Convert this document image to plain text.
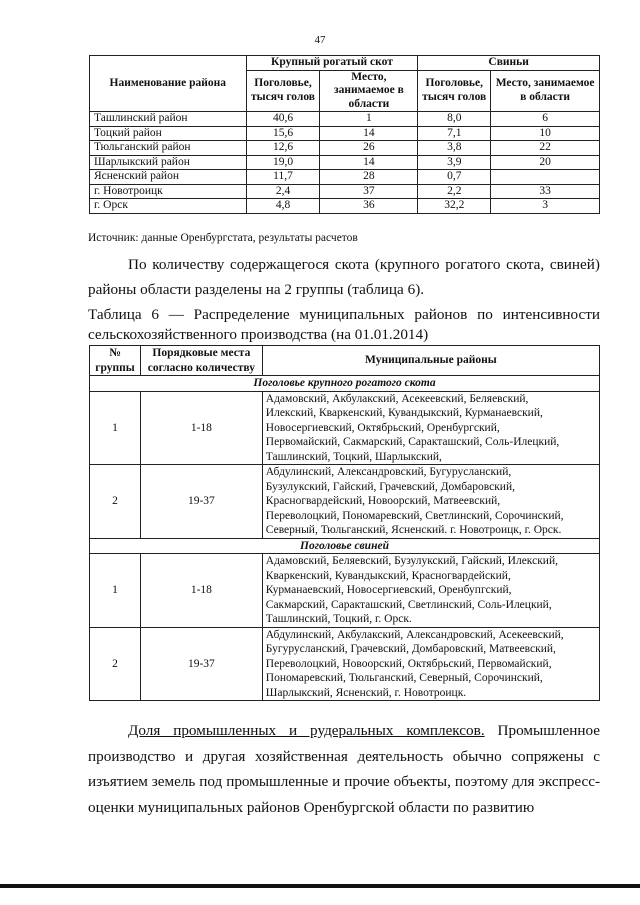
47
Наименование района	Крупный рогатый скот		Свиньи	
	Поголовье, тысяч голов	Место, занимаемое в области	Поголовье, тысяч голов	Место, занимаемое в области
Ташлинский район	40,6	1	8,0	6
Тоцкий район	15,6	14	7,1	10
Тюльганский район	12,6	26	3,8	22
Шарлыкский район	19,0	14	3,9	20
Ясненский район	11,7	28	0,7	
г. Новотроицк	2,4	37	2,2	33
г. Орск	4,8	36	32,2	3
Источник: данные Оренбургстата, результаты расчетов
По количеству содержащегося скота (крупного рогатого скота, свиней) районы области разделены на 2 группы (таблица 6).
Таблица 6 — Распределение муниципальных районов по интенсивности сельскохозяйственного производства (на 01.01.2014)
№ группы	Порядковые места согласно количеству	Муниципальные районы
Поголовье крупного рогатого скота		
1	1-18	Адамовский, Акбулакский, Асекеевский, Беляевский,
Илекский, Кваркенский, Кувандыкский, Курманаевский,
Новосергиевский, Октябрьский, Оренбургский,
Первомайский, Сакмарский, Саракташский, Соль-Илецкий,
Ташлинский, Тоцкий, Шарлыкский,

2	19-37	Абдулинский, Александровский, Бугурусланский,
Бузулукский, Гайский, Грачевский, Домбаровский,
Красногвардейский, Новоорский, Матвеевский,
Переволоцкий, Пономаревский, Светлинский, Сорочинский,
Северный, Тюльганский, Ясненский. г. Новотроицк, г. Орск.

Поголовье свиней		
1	1-18	Адамовский, Беляевский, Бузулукский, Гайский, Илекский,
Кваркенский, Кувандыкский, Красногвардейский,
Курманаевский, Новосергиевский, Оренбупгский,
Сакмарский, Саракташский, Светлинский, Соль-Илецкий,
Ташлинский, Тоцкий, г. Орск.

2	19-37	Абдулинский, Акбулакский, Александровский, Асекеевский,
Бугурусланский, Грачевский, Домбаровский, Матвеевский,
Переволоцкий, Новоорский, Октябрьский, Первомайский,
Пономаревский, Тюльганский, Северный, Сорочинский,
Шарлыкский, Ясненский, г. Новотроицк.
Доля промышленных и рудеральных комплексов. Промышленное производство и другая хозяйственная деятельность обычно сопряжены с изъятием земель под промышленные и прочие объекты, поэтому для экспресс-оценки муниципальных районов Оренбургской области по развитию
